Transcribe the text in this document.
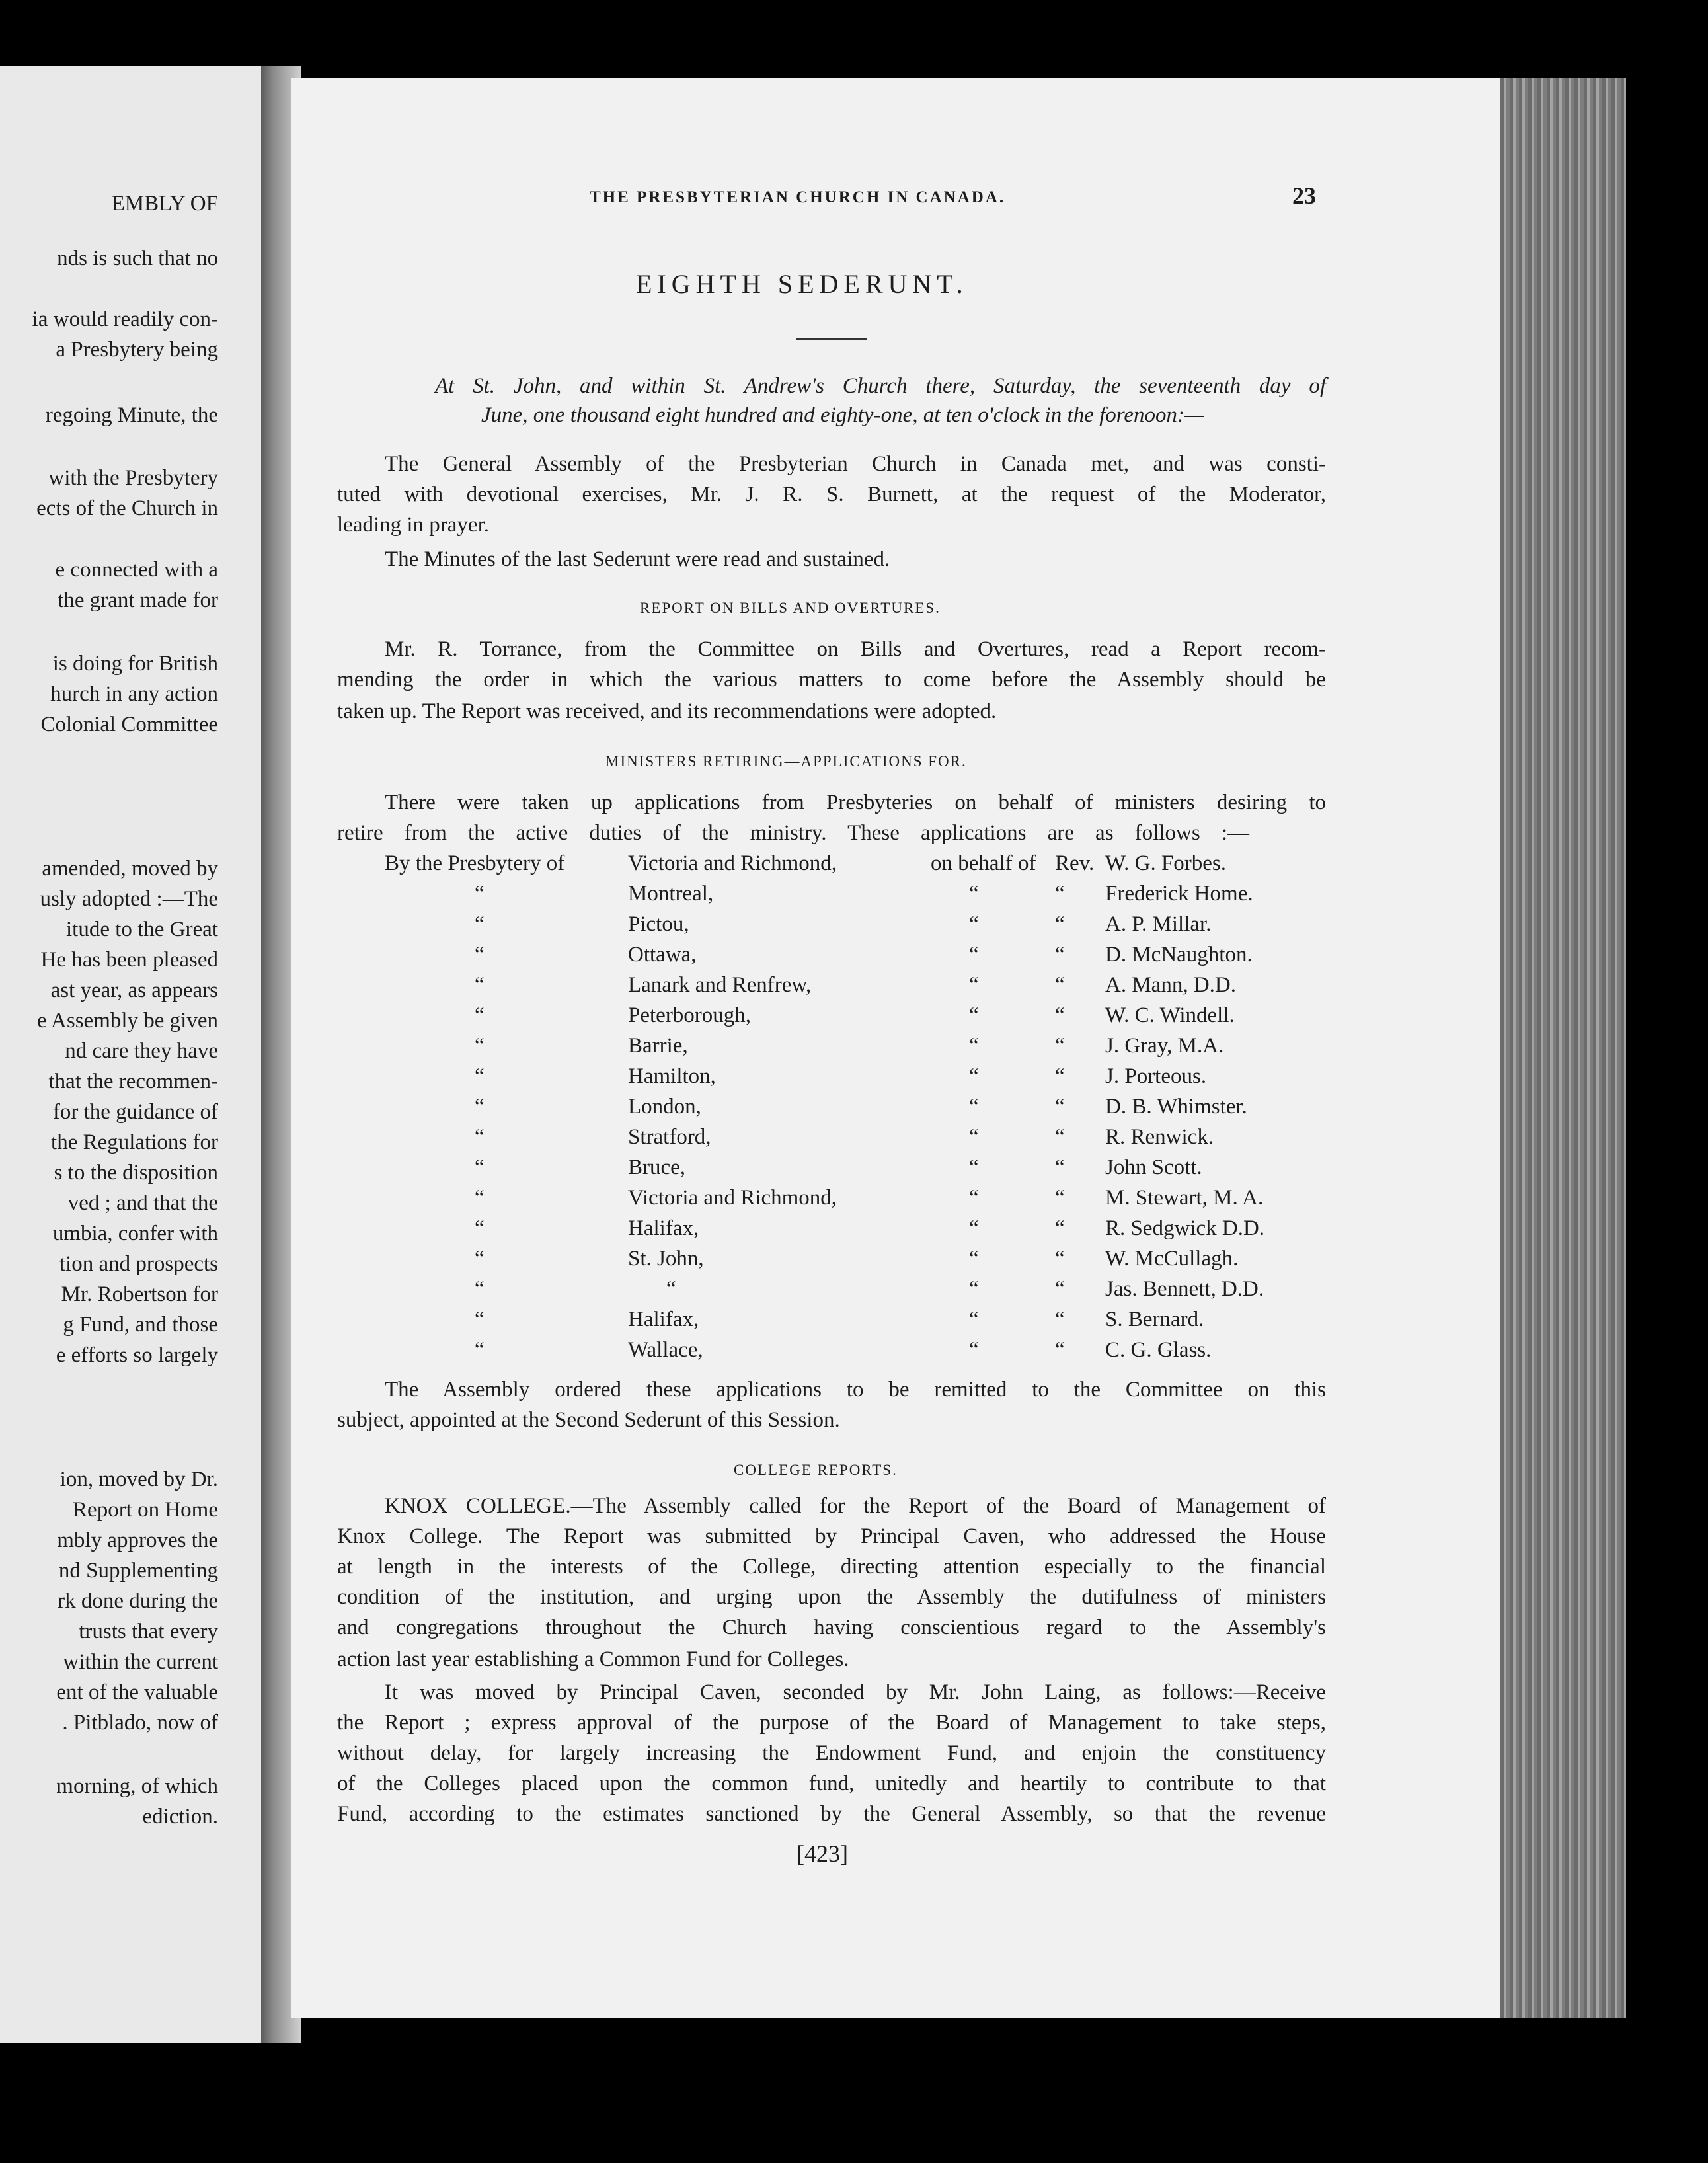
THE PRESBYTERIAN CHURCH IN CANADA.	23
EIGHTH SEDERUNT.
At St. John, and within St. Andrew's Church there, Saturday, the seventeenth day of
June, one thousand eight hundred and eighty-one, at ten o'clock in the forenoon:—
The General Assembly of the Presbyterian Church in Canada met, and was consti-
tuted with devotional exercises, Mr. J. R. S. Burnett, at the request of the Moderator,
leading in prayer.
The Minutes of the last Sederunt were read and sustained.
REPORT ON BILLS AND OVERTURES.
Mr. R. Torrance, from the Committee on Bills and Overtures, read a Report recom-
mending the order in which the various matters to come before the Assembly should be
taken up. The Report was received, and its recommendations were adopted.
MINISTERS RETIRING—APPLICATIONS FOR.
There were taken up applications from Presbyteries on behalf of ministers desiring to
retire from the active duties of the ministry. These applications are as follows :—
By the Presbytery of	Victoria and Richmond,	on behalf of Rev. W. G. Forbes.
“	Montreal,	“	“ Frederick Home.
“	Pictou,	“	“ A. P. Millar.
“	Ottawa,	“	“ D. McNaughton.
“	Lanark and Renfrew,	“	“ A. Mann, D.D.
“	Peterborough,	“	“ W. C. Windell.
“	Barrie,	“	“ J. Gray, M.A.
“	Hamilton,	“	“ J. Porteous.
“	London,	“	“ D. B. Whimster.
“	Stratford,	“	“ R. Renwick.
“	Bruce,	“	“ John Scott.
“	Victoria and Richmond,	“	“ M. Stewart, M. A.
“	Halifax,	“	“ R. Sedgwick D.D.
“	St. John,	“	“ W. McCullagh.
“	“	“	“ Jas. Bennett, D.D.
“	Halifax,	“	“ S. Bernard.
“	Wallace,	“	“ C. G. Glass.
The Assembly ordered these applications to be remitted to the Committee on this
subject, appointed at the Second Sederunt of this Session.
COLLEGE REPORTS.
KNOX COLLEGE.—The Assembly called for the Report of the Board of Management of
Knox College. The Report was submitted by Principal Caven, who addressed the House
at length in the interests of the College, directing attention especially to the financial
condition of the institution, and urging upon the Assembly the dutifulness of ministers
and congregations throughout the Church having conscientious regard to the Assembly's
action last year establishing a Common Fund for Colleges.
It was moved by Principal Caven, seconded by Mr. John Laing, as follows:—Receive
the Report ; express approval of the purpose of the Board of Management to take steps,
without delay, for largely increasing the Endowment Fund, and enjoin the constituency
of the Colleges placed upon the common fund, unitedly and heartily to contribute to that
Fund, according to the estimates sanctioned by the General Assembly, so that the revenue
[423]
EMBLY OF
nds is such that no
ia would readily con-
a Presbytery being
regoing Minute, the
with the Presbytery
ects of the Church in
e connected with a
the grant made for
is doing for British
hurch in any action
Colonial Committee
amended, moved by
usly adopted :—The
itude to the Great
He has been pleased
ast year, as appears
e Assembly be given
nd care they have
that the recommen-
for the guidance of
the Regulations for
s to the disposition
ved ; and that the
umbia, confer with
tion and prospects
Mr. Robertson for
g Fund, and those
e efforts so largely
ion, moved by Dr.
Report on Home
mbly approves the
nd Supplementing
rk done during the
trusts that every
within the current
ent of the valuable
. Pitblado, now of
morning, of which
ediction.
